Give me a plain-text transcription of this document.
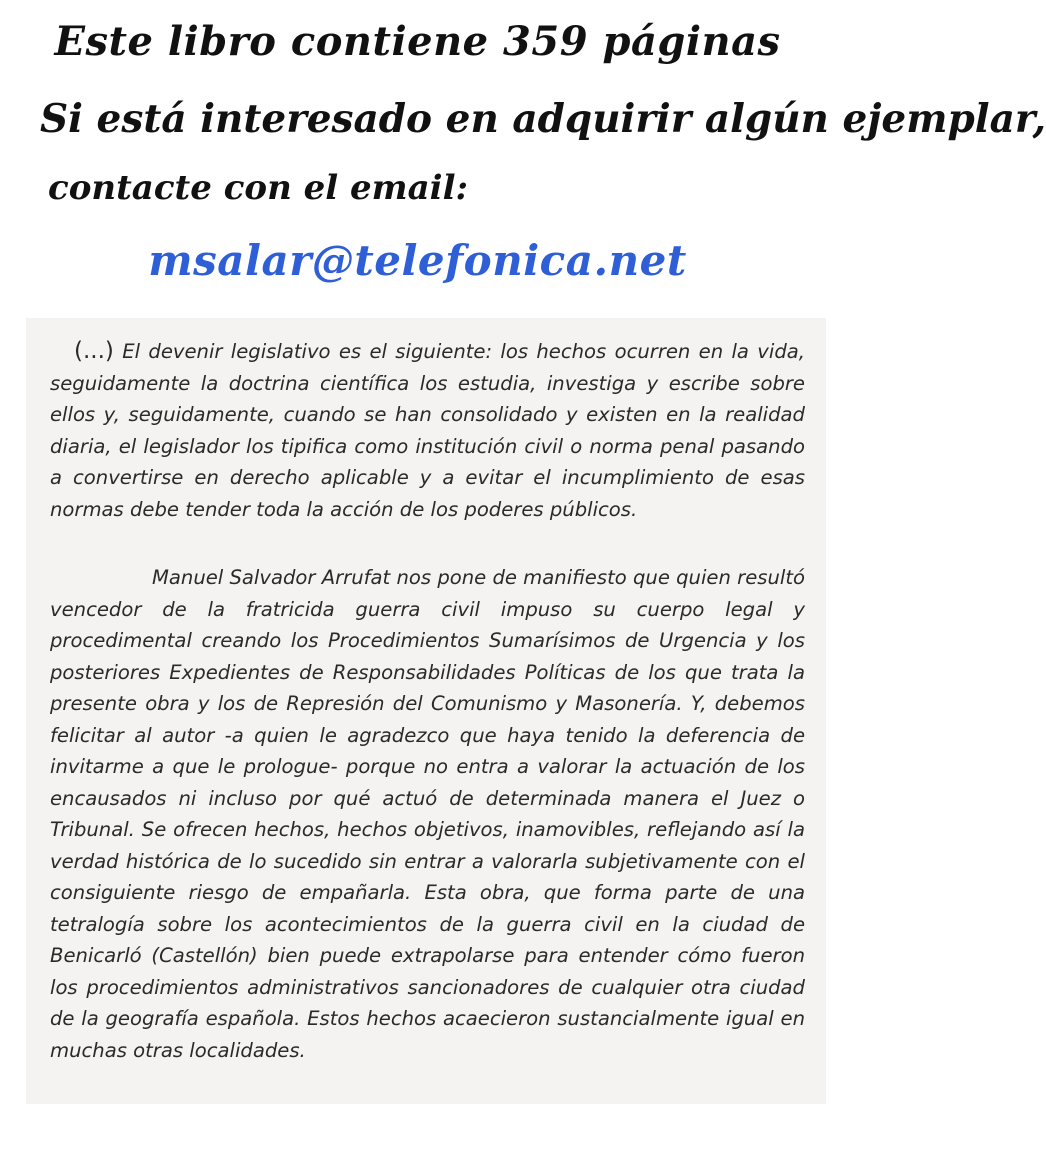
Este libro contiene 359 páginas
Si está interesado en adquirir algún ejemplar,
contacte con el email:
msalar@telefonica.net

(...) El devenir legislativo es el siguiente: los hechos ocurren en la vida, seguidamente la doctrina científica los estudia, investiga y escribe sobre ellos y, seguidamente, cuando se han consolidado y existen en la realidad diaria, el legislador los tipifica como institución civil o norma penal pasando a convertirse en derecho aplicable y a evitar el incumplimiento de esas normas debe tender toda la acción de los poderes públicos.

Manuel Salvador Arrufat nos pone de manifiesto que quien resultó vencedor de la fratricida guerra civil impuso su cuerpo legal y procedimental creando los Procedimientos Sumarísimos de Urgencia y los posteriores Expedientes de Responsabilidades Políticas de los que trata la presente obra y los de Represión del Comunismo y Masonería. Y, debemos felicitar al autor -a quien le agradezco que haya tenido la deferencia de invitarme a que le prologue- porque no entra a valorar la actuación de los encausados ni incluso por qué actuó de determinada manera el Juez o Tribunal. Se ofrecen hechos, hechos objetivos, inamovibles, reflejando así la verdad histórica de lo sucedido sin entrar a valorarla subjetivamente con el consiguiente riesgo de empañarla. Esta obra, que forma parte de una tetralogía sobre los acontecimientos de la guerra civil en la ciudad de Benicarló (Castellón) bien puede extrapolarse para entender cómo fueron los procedimientos administrativos sancionadores de cualquier otra ciudad de la geografía española. Estos hechos acaecieron sustancialmente igual en muchas otras localidades.
